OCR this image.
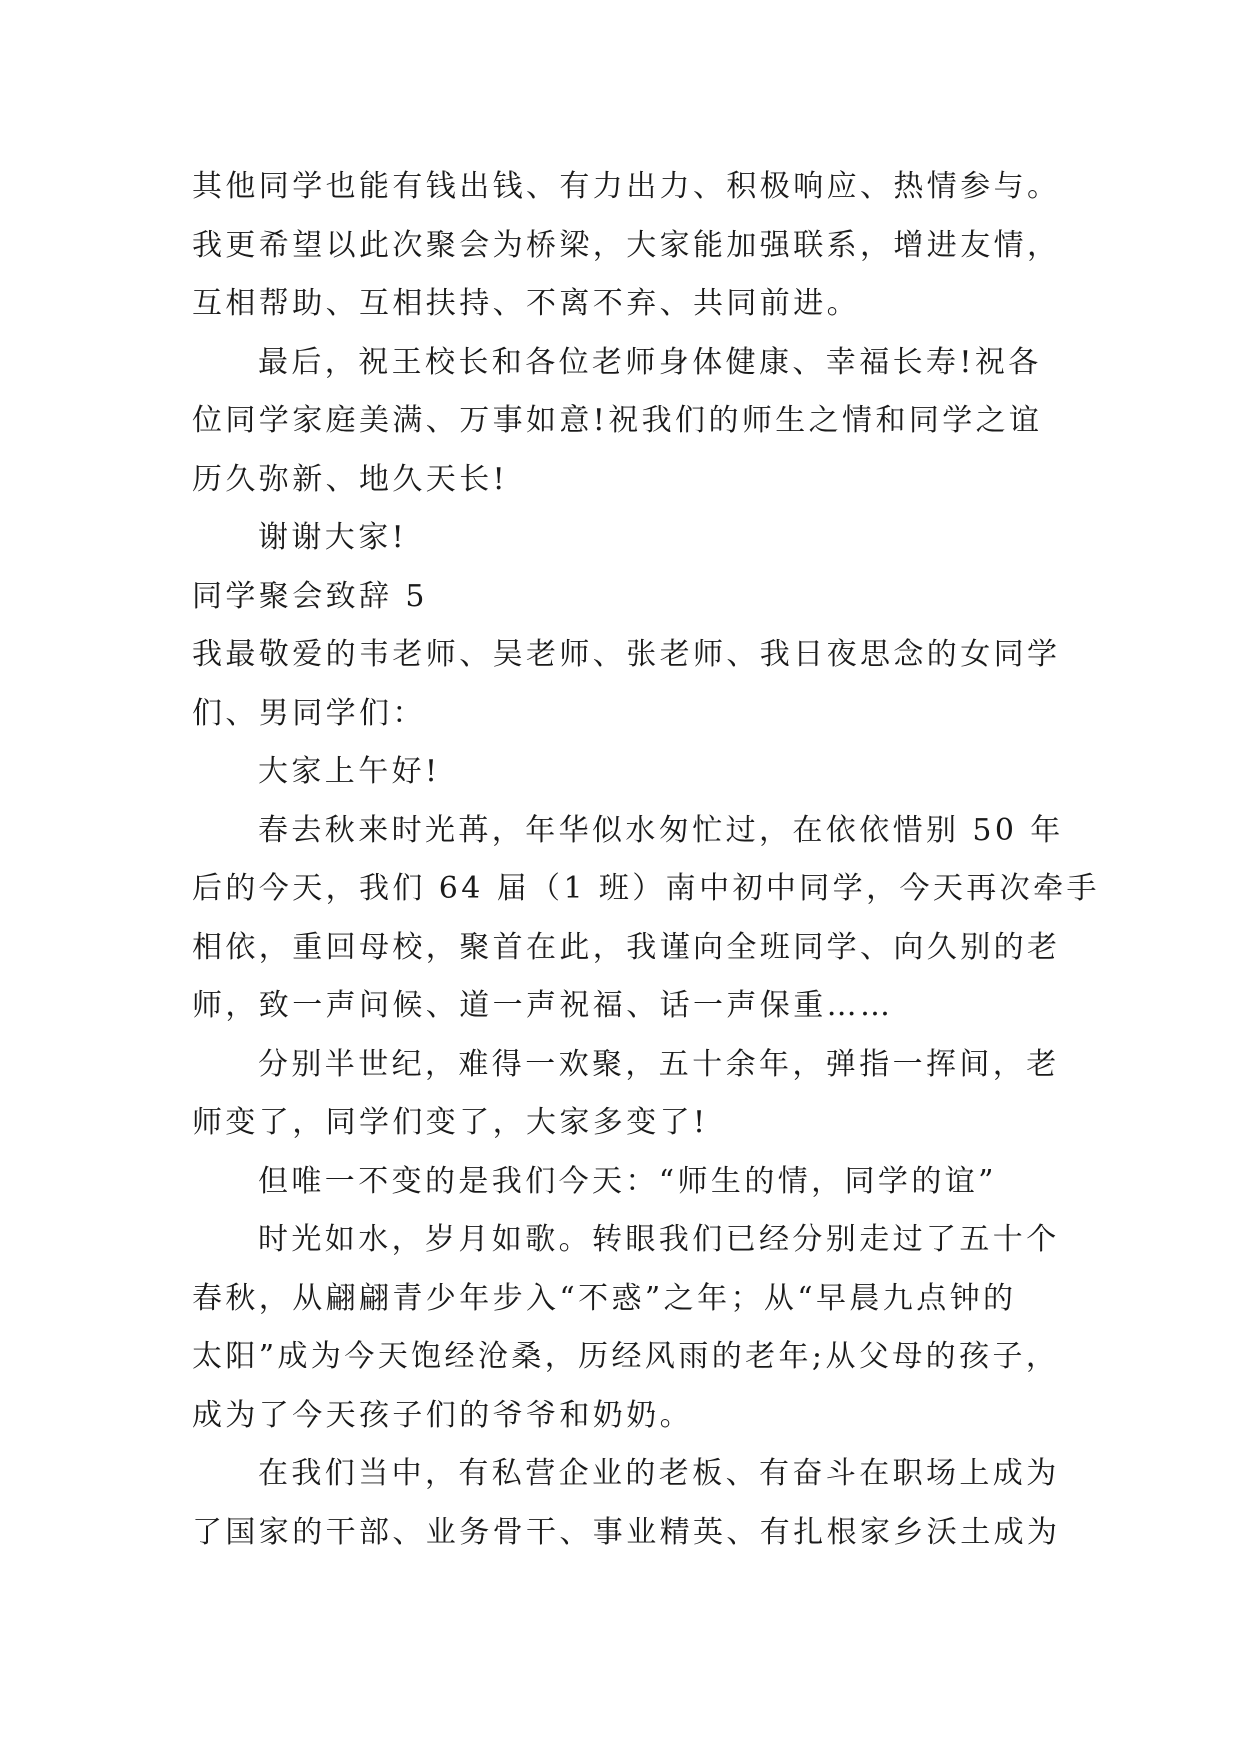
其他同学也能有钱出钱、有力出力、积极响应、热情参与。
我更希望以此次聚会为桥梁，大家能加强联系，增进友情，
互相帮助、互相扶持、不离不弃、共同前进。
最后，祝王校长和各位老师身体健康、幸福长寿!祝各
位同学家庭美满、万事如意!祝我们的师生之情和同学之谊
历久弥新、地久天长!
谢谢大家!
同学聚会致辞 5
我最敬爱的韦老师、吴老师、张老师、我日夜思念的女同学
们、男同学们：
大家上午好!
春去秋来时光苒，年华似水匆忙过，在依依惜别 50 年
后的今天，我们 64 届（1 班）南中初中同学，今天再次牵手
相依，重回母校，聚首在此，我谨向全班同学、向久别的老
师，致一声问候、道一声祝福、话一声保重……
分别半世纪，难得一欢聚，五十余年，弹指一挥间，老
师变了，同学们变了，大家多变了!
但唯一不变的是我们今天：“师生的情，同学的谊”
时光如水，岁月如歌。转眼我们已经分别走过了五十个
春秋，从翩翩青少年步入“不惑”之年；从“早晨九点钟的
太阳”成为今天饱经沧桑，历经风雨的老年;从父母的孩子，
成为了今天孩子们的爷爷和奶奶。
在我们当中，有私营企业的老板、有奋斗在职场上成为
了国家的干部、业务骨干、事业精英、有扎根家乡沃土成为
